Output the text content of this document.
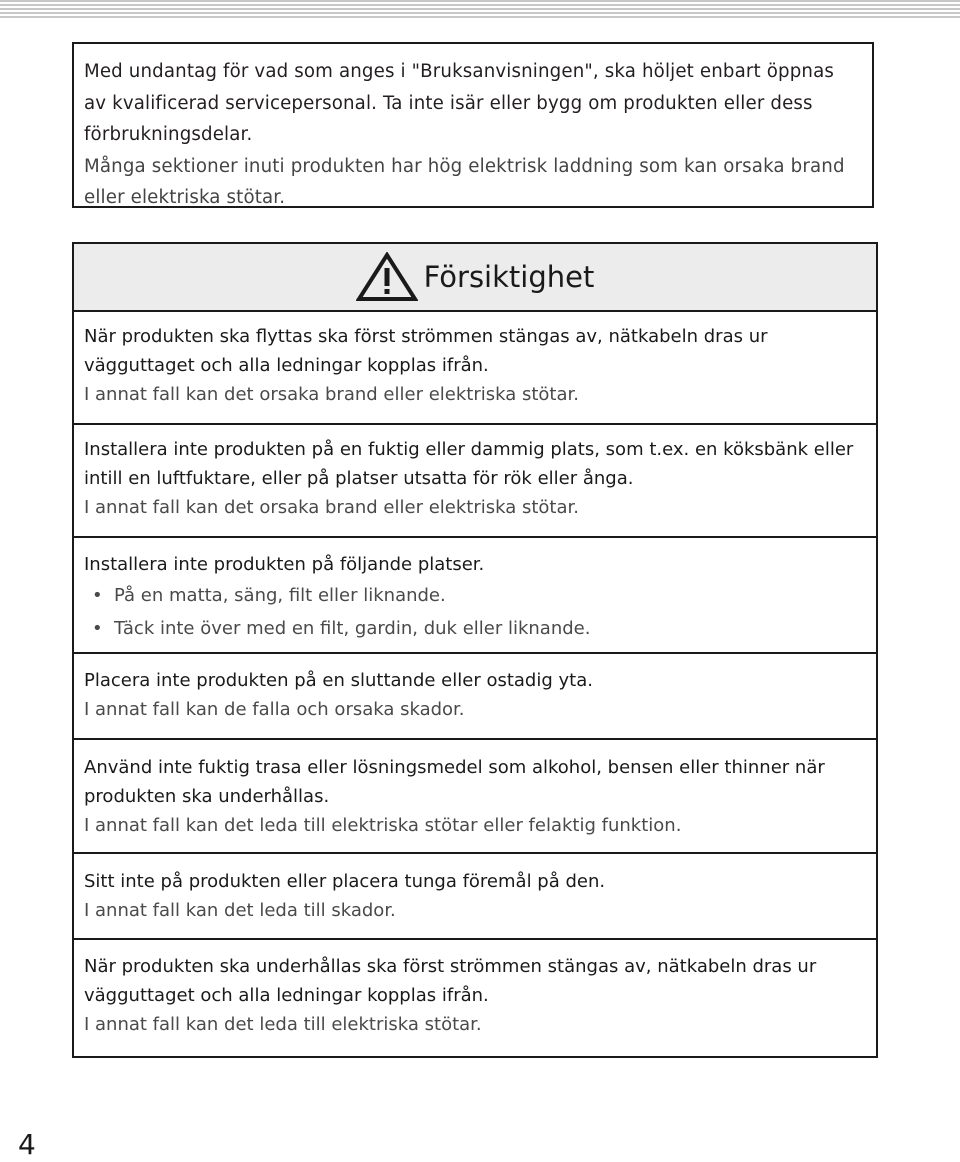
Med undantag för vad som anges i "Bruksanvisningen", ska höljet enbart öppnas av kvalificerad servicepersonal. Ta inte isär eller bygg om produkten eller dess förbrukningsdelar.

Många sektioner inuti produkten har hög elektrisk laddning som kan orsaka brand eller elektriska stötar.

Försiktighet

När produkten ska flyttas ska först strömmen stängas av, nätkabeln dras ur vägguttaget och alla ledningar kopplas ifrån.

I annat fall kan det orsaka brand eller elektriska stötar.

Installera inte produkten på en fuktig eller dammig plats, som t.ex. en köksbänk eller intill en luftfuktare, eller på platser utsatta för rök eller ånga.

I annat fall kan det orsaka brand eller elektriska stötar.

Installera inte produkten på följande platser.

• På en matta, säng, filt eller liknande.
• Täck inte över med en filt, gardin, duk eller liknande.

Placera inte produkten på en sluttande eller ostadig yta.

I annat fall kan de falla och orsaka skador.

Använd inte fuktig trasa eller lösningsmedel som alkohol, bensen eller thinner när produkten ska underhållas.

I annat fall kan det leda till elektriska stötar eller felaktig funktion.

Sitt inte på produkten eller placera tunga föremål på den.

I annat fall kan det leda till skador.

När produkten ska underhållas ska först strömmen stängas av, nätkabeln dras ur vägguttaget och alla ledningar kopplas ifrån.

I annat fall kan det leda till elektriska stötar.

4
